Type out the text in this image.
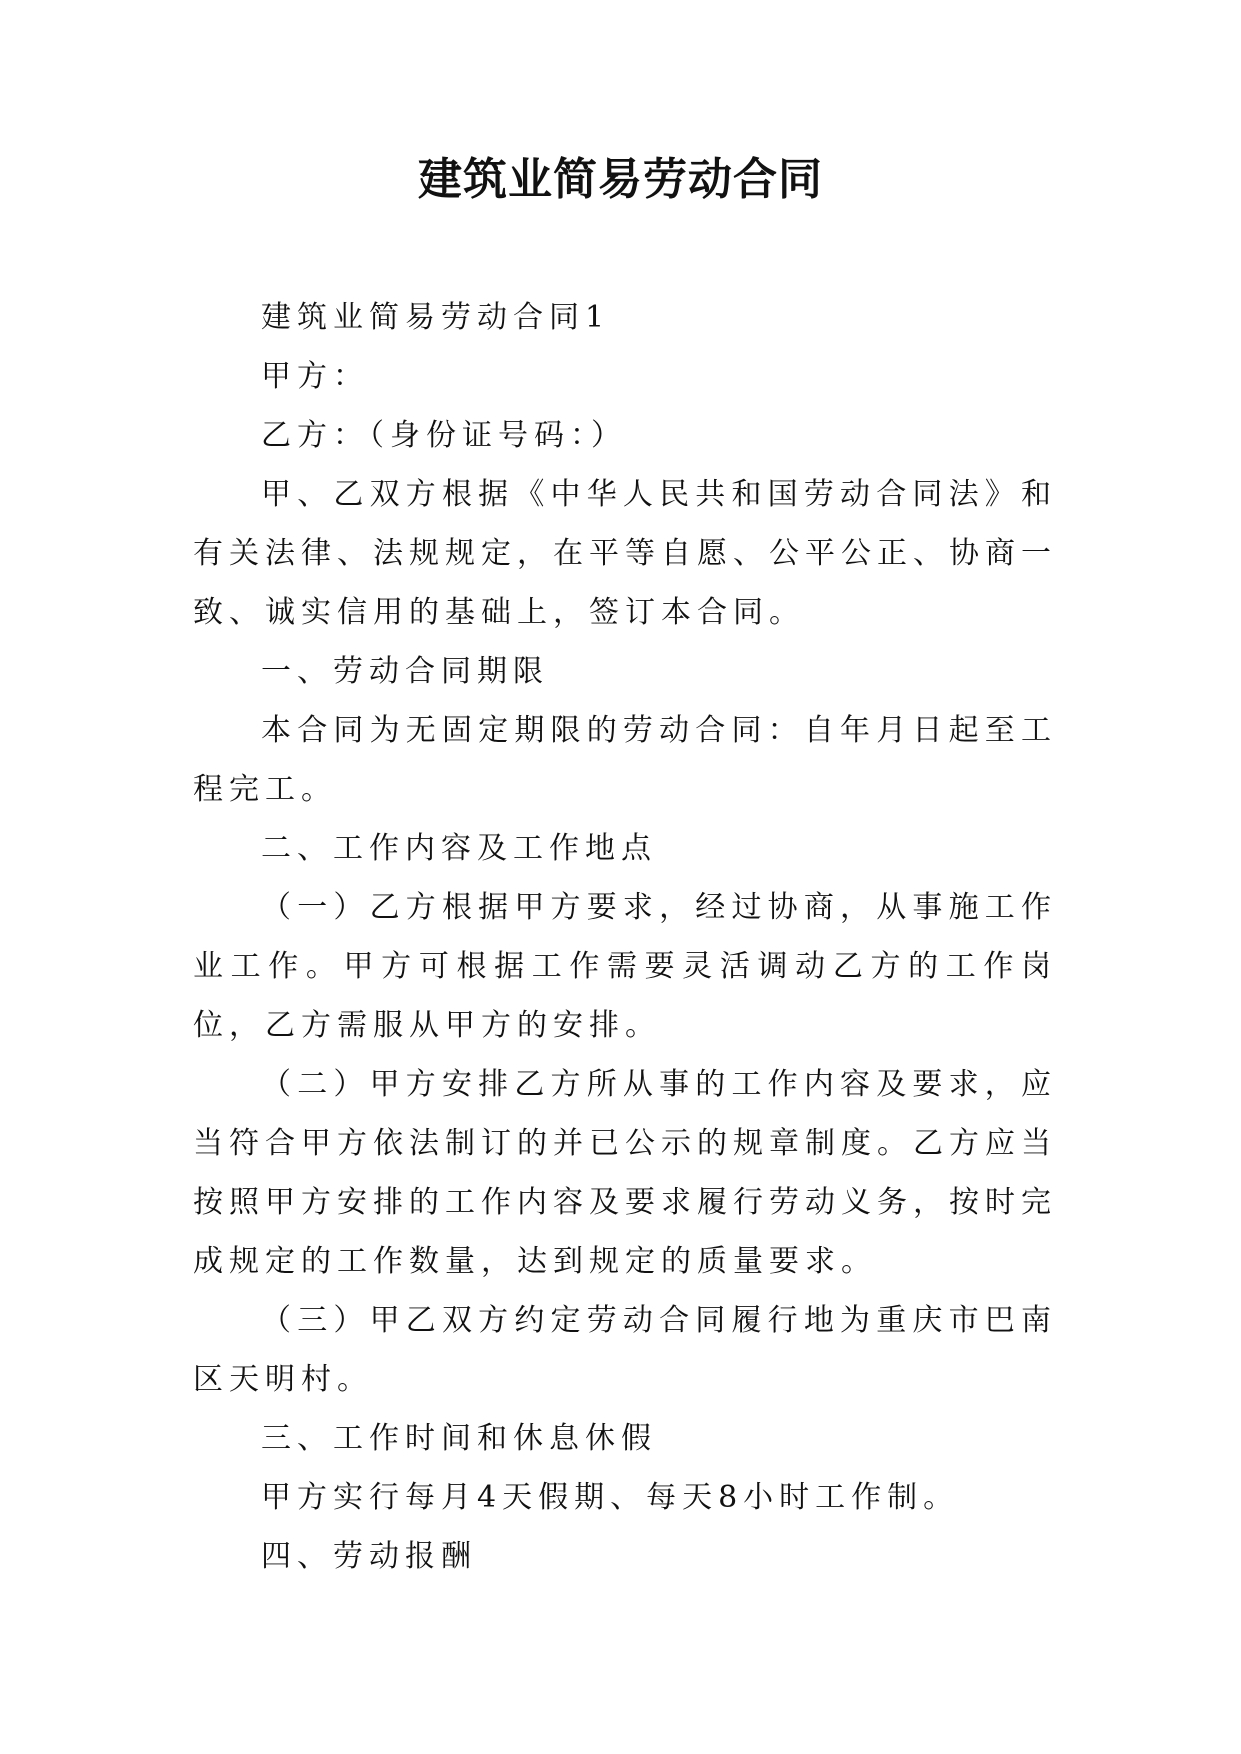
建筑业简易劳动合同

建筑业简易劳动合同1

甲方：

乙方：（身份证号码：）

甲、乙双方根据《中华人民共和国劳动合同法》和有关法律、法规规定，在平等自愿、公平公正、协商一致、诚实信用的基础上，签订本合同。

一、劳动合同期限

本合同为无固定期限的劳动合同：自年月日起至工程完工。

二、工作内容及工作地点

（一）乙方根据甲方要求，经过协商，从事施工作业工作。甲方可根据工作需要灵活调动乙方的工作岗位，乙方需服从甲方的安排。

（二）甲方安排乙方所从事的工作内容及要求，应当符合甲方依法制订的并已公示的规章制度。乙方应当按照甲方安排的工作内容及要求履行劳动义务，按时完成规定的工作数量，达到规定的质量要求。

（三）甲乙双方约定劳动合同履行地为重庆市巴南区天明村。

三、工作时间和休息休假

甲方实行每月4天假期、每天8小时工作制。

四、劳动报酬
